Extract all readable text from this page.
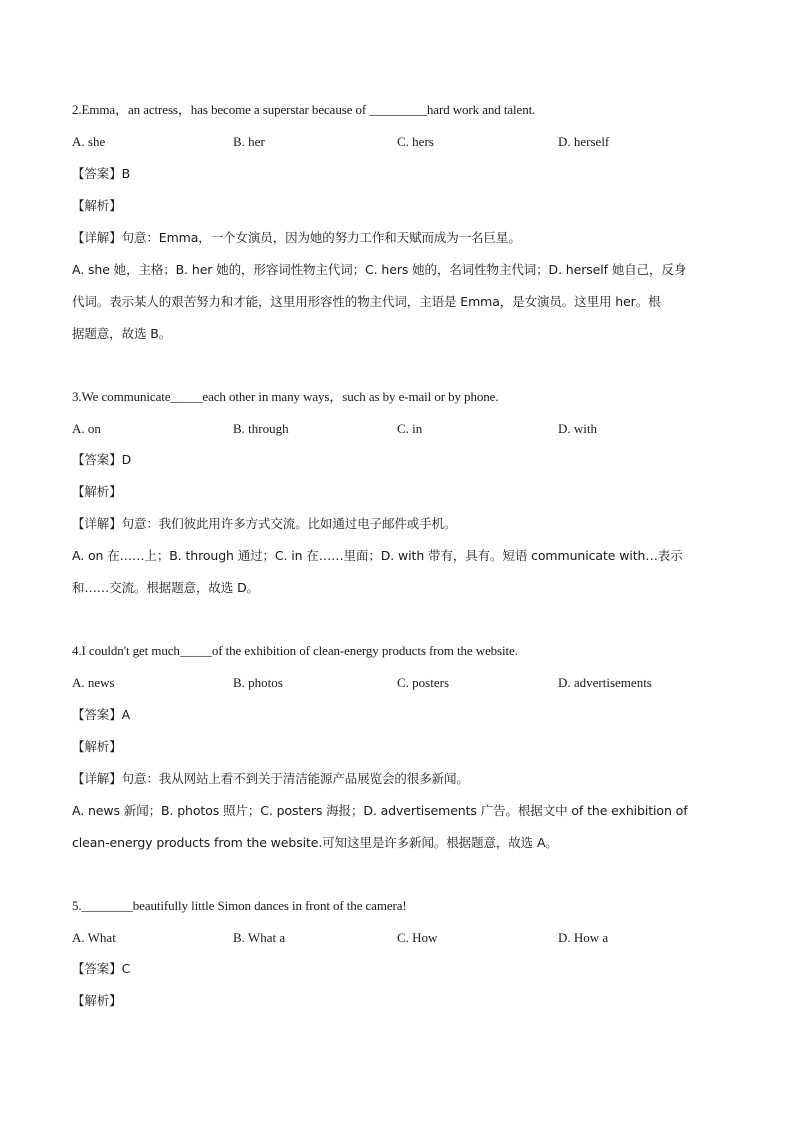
2.Emma，an actress，has become a superstar because of _________hard work and talent.
A. she	B. her	C. hers	D. herself
【答案】B
【解析】
【详解】句意：Emma，一个女演员，因为她的努力工作和天赋而成为一名巨星。
A. she 她，主格；B. her 她的，形容词性物主代词；C. hers 她的，名词性物主代词；D. herself 她自己，反身
代词。表示某人的艰苦努力和才能，这里用形容性的物主代词，主语是 Emma，是女演员。这里用 her。根
据题意，故选 B。
3.We communicate_____each other in many ways，such as by e-mail or by phone.
A. on	B. through	C. in	D. with
【答案】D
【解析】
【详解】句意：我们彼此用许多方式交流。比如通过电子邮件或手机。
A. on 在……上；B. through 通过；C. in 在……里面；D. with 带有，具有。短语 communicate with…表示
和……交流。根据题意，故选 D。
4.I couldn't get much_____of the exhibition of clean-energy products from the website.
A. news	B. photos	C. posters	D. advertisements
【答案】A
【解析】
【详解】句意：我从网站上看不到关于清洁能源产品展览会的很多新闻。
A. news 新闻；B. photos 照片；C. posters 海报；D. advertisements 广告。根据文中 of the exhibition of
clean-energy products from the website.可知这里是许多新闻。根据题意，故选 A。
5.________beautifully little Simon dances in front of the camera!
A. What	B. What a	C. How	D. How a
【答案】C
【解析】
